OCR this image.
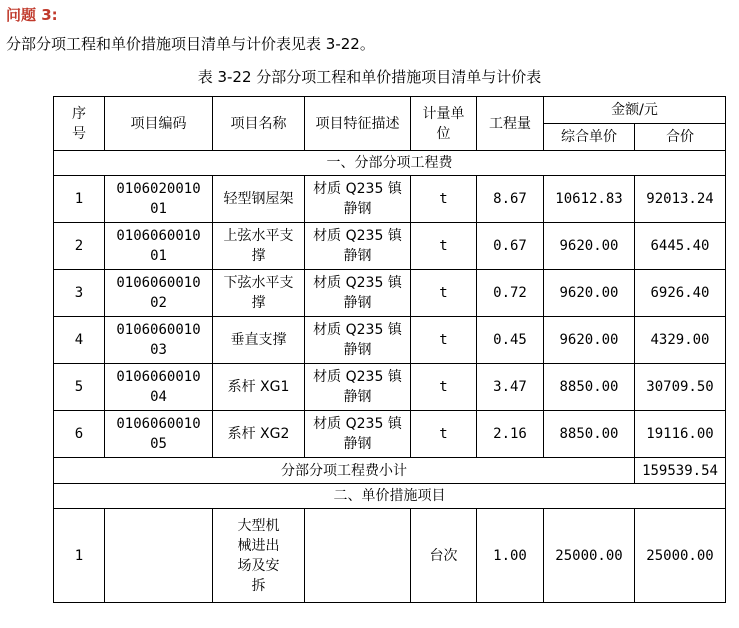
问题 3:
分部分项工程和单价措施项目清单与计价表见表 3-22。
表 3-22 分部分项工程和单价措施项目清单与计价表
序号	项目编码	项目名称	项目特征描述	计量单位	工程量	金额/元	
						综合单价	合价
一、分部分项工程费							
1	010602001001	轻型钢屋架	材质 Q235 镇静钢	t	8.67	10612.83	92013.24
2	010606001001	上弦水平支撑	材质 Q235 镇静钢	t	0.67	9620.00	6445.40
3	010606001002	下弦水平支撑	材质 Q235 镇静钢	t	0.72	9620.00	6926.40
4	010606001003	垂直支撑	材质 Q235 镇静钢	t	0.45	9620.00	4329.00
5	010606001004	系杆 XG1	材质 Q235 镇静钢	t	3.47	8850.00	30709.50
6	010606001005	系杆 XG2	材质 Q235 镇静钢	t	2.16	8850.00	19116.00
分部分项工程费小计							159539.54
二、单价措施项目							
1		大型机械进出场及安拆		台次	1.00	25000.00	25000.00
